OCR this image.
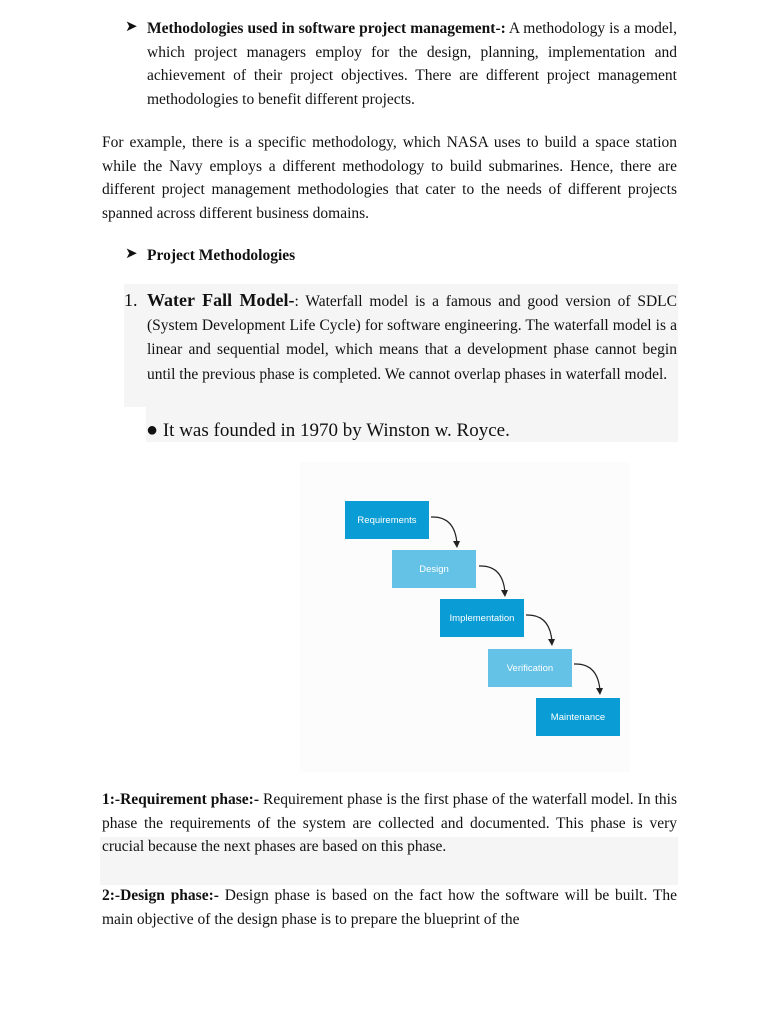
➤ Methodologies used in software project management-: A methodology is a model, which project managers employ for the design, planning, implementation and achievement of their project objectives. There are different project management methodologies to benefit different projects.
For example, there is a specific methodology, which NASA uses to build a space station while the Navy employs a different methodology to build submarines. Hence, there are different project management methodologies that cater to the needs of different projects spanned across different business domains.
➤ Project Methodologies
1. Water Fall Model-: Waterfall model is a famous and good version of SDLC (System Development Life Cycle) for software engineering. The waterfall model is a linear and sequential model, which means that a development phase cannot begin until the previous phase is completed. We cannot overlap phases in waterfall model.
● It was founded in 1970 by Winston w. Royce.
Requirements
Design
Implementation
Verification
Maintenance
1:-Requirement phase:- Requirement phase is the first phase of the waterfall model. In this phase the requirements of the system are collected and documented. This phase is very crucial because the next phases are based on this phase.
2:-Design phase:- Design phase is based on the fact how the software will be built. The main objective of the design phase is to prepare the blueprint of the
